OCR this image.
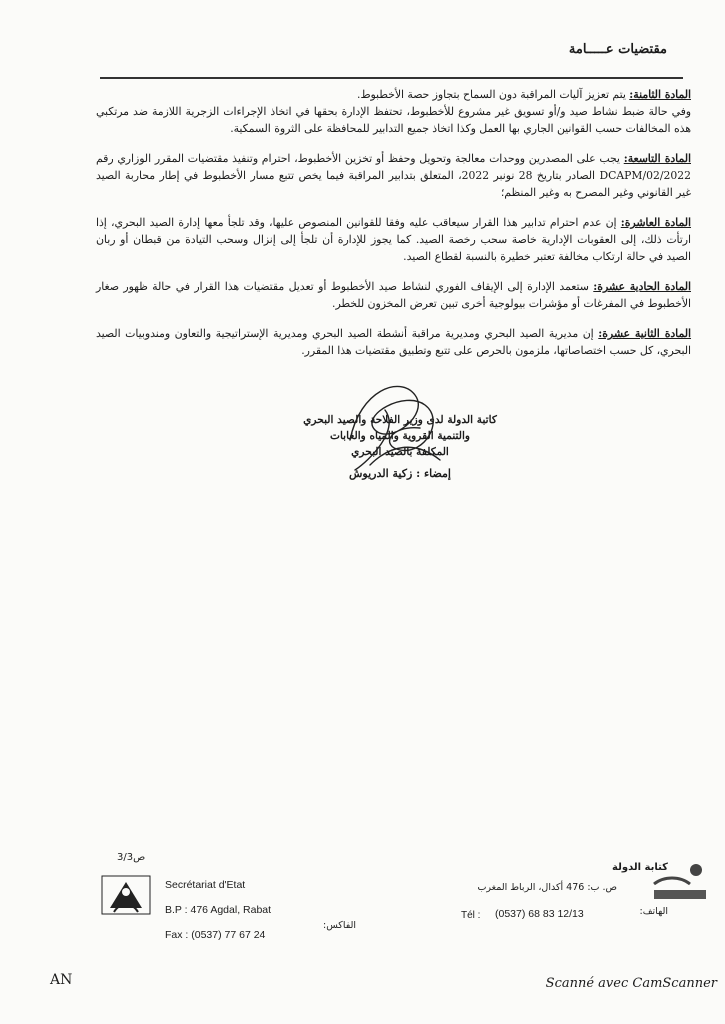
مقتضيات عـــــامة

المادة الثامنة: يتم تعزيز آليات المراقبة دون السماح بتجاوز حصة الأخطبوط.

وفي حالة ضبط نشاط صيد و/أو تسويق غير مشروع للأخطبوط، تحتفظ الإدارة بحقها في اتخاذ الإجراءات الزجرية اللازمة ضد مرتكبي هذه المخالفات حسب القوانين الجاري بها العمل وكذا اتخاذ جميع التدابير للمحافظة على الثروة السمكية.

المادة التاسعة: يجب على المصدرين ووحدات معالجة وتحويل وحفظ أو تخزين الأخطبوط، احترام وتنفيذ مقتضيات المقرر الوزاري رقم 2022/DCAPM/02 الصادر بتاريخ 28 نونبر 2022، المتعلق بتدابير المراقبة فيما يخص تتبع مسار الأخطبوط في إطار محاربة الصيد غير القانوني وغير المصرح به وغير المنظم؛

المادة العاشرة: إن عدم احترام تدابير هذا القرار سيعاقب عليه وفقا للقوانين المنصوص عليها، وقد تلجأ معها إدارة الصيد البحري، إذا ارتأت ذلك، إلى العقوبات الإدارية خاصة سحب رخصة الصيد. كما يجوز للإدارة أن تلجأ إلى إنزال وسحب التيادة من قبطان أو ربان الصيد في حالة ارتكاب مخالفة تعتبر خطيرة بالنسبة لقطاع الصيد.

المادة الحادية عشرة: ستعمد الإدارة إلى الإيقاف الفوري لنشاط صيد الأخطبوط أو تعديل مقتضيات هذا القرار في حالة ظهور صغار الأخطبوط في المفرغات أو مؤشرات بيولوجية أخرى تبين تعرض المخزون للخطر.

المادة الثانية عشرة: إن مديرية الصيد البحري ومديرية مراقبة أنشطة الصيد البحري ومديرية الإستراتيجية والتعاون ومندوبيات الصيد البحري، كل حسب اختصاصاتها، ملزمون بالحرص على تتبع وتطبيق مقتضيات هذا المقرر.

كاتبة الدولة لدى وزير الفلاحة والصيد البحري

والتنمية القروية والمياه والغابات

المكلفة بالصيد البحري

إمضاء : زكية الدريوش

ص3/3

Secrétariat d'Etat

B.P : 476 Agdal, Rabat

Fax : (0537) 77 67 24

الفاكس:
Tél : (0537) 68 83 12/13
كتابة الدولة
ص. ب: 476 أكدال، الرباط المغرب
الهاتف:
AN	Scanné avec CamScanner
